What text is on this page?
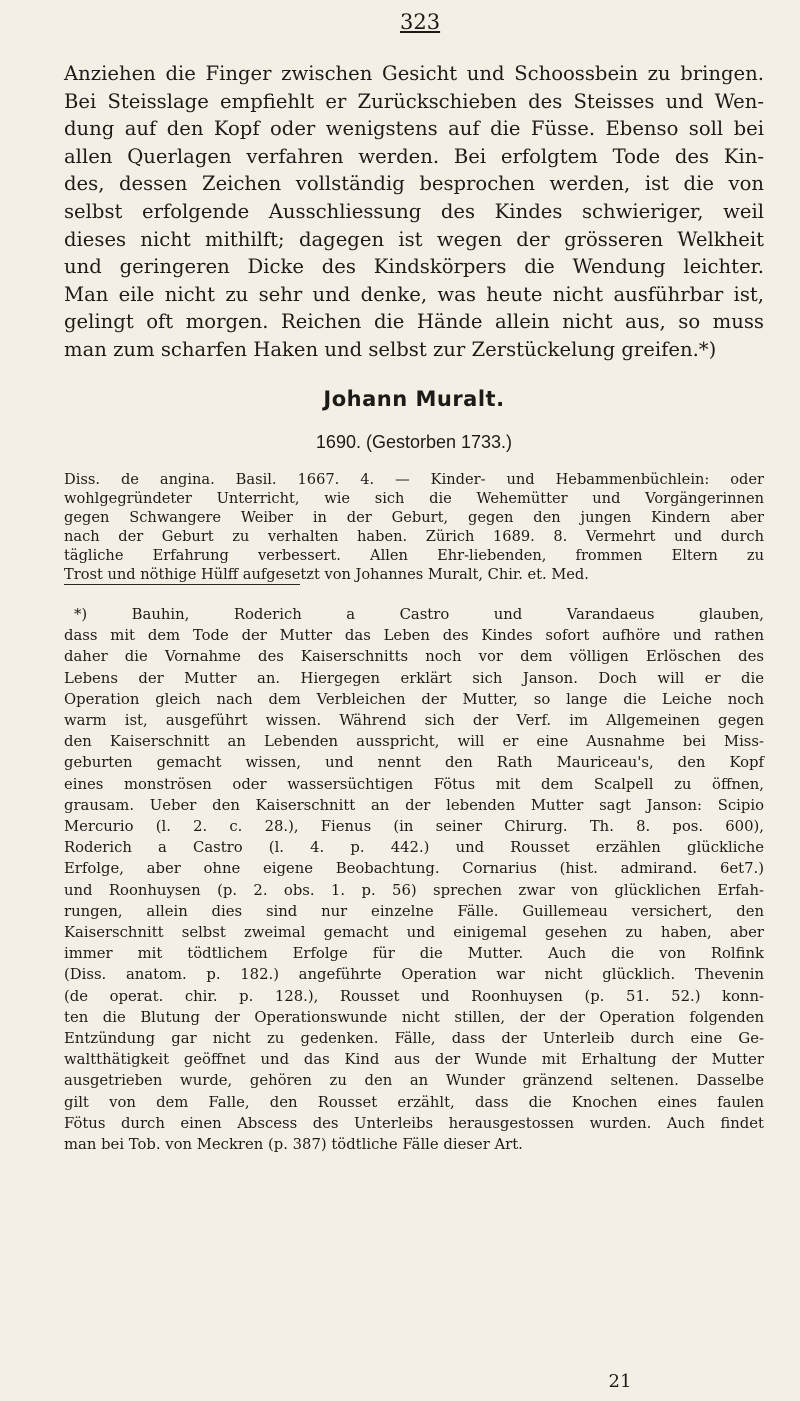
323
Anziehen die Finger zwischen Gesicht und Schoossbein zu bringen.
Bei Steisslage empfiehlt er Zurückschieben des Steisses und Wen-
dung auf den Kopf oder wenigstens auf die Füsse. Ebenso soll bei
allen Querlagen verfahren werden. Bei erfolgtem Tode des Kin-
des, dessen Zeichen vollständig besprochen werden, ist die von
selbst erfolgende Ausschliessung des Kindes schwieriger, weil
dieses nicht mithilft; dagegen ist wegen der grösseren Welkheit
und geringeren Dicke des Kindskörpers die Wendung leichter.
Man eile nicht zu sehr und denke, was heute nicht ausführbar ist,
gelingt oft morgen. Reichen die Hände allein nicht aus, so muss
man zum scharfen Haken und selbst zur Zerstückelung greifen.*)
Johann Muralt.
1690. (Gestorben 1733.)
Diss. de angina. Basil. 1667. 4. — Kinder- und Hebammenbüchlein: oder
wohlgegründeter Unterricht, wie sich die Wehemütter und Vorgängerinnen
gegen Schwangere Weiber in der Geburt, gegen den jungen Kindern aber
nach der Geburt zu verhalten haben. Zürich 1689. 8. Vermehrt und durch
tägliche Erfahrung verbessert. Allen Ehr-liebenden, frommen Eltern zu
Trost und nöthige Hülff aufgesetzt von Johannes Muralt, Chir. et. Med.
*) Bauhin, Roderich a Castro und Varandaeus glauben,
dass mit dem Tode der Mutter das Leben des Kindes sofort aufhöre und rathen
daher die Vornahme des Kaiserschnitts noch vor dem völligen Erlöschen des
Lebens der Mutter an. Hiergegen erklärt sich Janson. Doch will er die
Operation gleich nach dem Verbleichen der Mutter, so lange die Leiche noch
warm ist, ausgeführt wissen. Während sich der Verf. im Allgemeinen gegen
den Kaiserschnitt an Lebenden ausspricht, will er eine Ausnahme bei Miss-
geburten gemacht wissen, und nennt den Rath Mauriceau's, den Kopf
eines monströsen oder wassersüchtigen Fötus mit dem Scalpell zu öffnen,
grausam. Ueber den Kaiserschnitt an der lebenden Mutter sagt Janson: Scipio
Mercurio (l. 2. c. 28.), Fienus (in seiner Chirurg. Th. 8. pos. 600),
Roderich a Castro (l. 4. p. 442.) und Rousset erzählen glückliche
Erfolge, aber ohne eigene Beobachtung. Cornarius (hist. admirand. 6et7.)
und Roonhuysen (p. 2. obs. 1. p. 56) sprechen zwar von glücklichen Erfah-
rungen, allein dies sind nur einzelne Fälle. Guillemeau versichert, den
Kaiserschnitt selbst zweimal gemacht und einigemal gesehen zu haben, aber
immer mit tödtlichem Erfolge für die Mutter. Auch die von Rolfink
(Diss. anatom. p. 182.) angeführte Operation war nicht glücklich. Thevenin
(de operat. chir. p. 128.), Rousset und Roonhuysen (p. 51. 52.) konn-
ten die Blutung der Operationswunde nicht stillen, der der Operation folgenden
Entzündung gar nicht zu gedenken. Fälle, dass der Unterleib durch eine Ge-
waltthätigkeit geöffnet und das Kind aus der Wunde mit Erhaltung der Mutter
ausgetrieben wurde, gehören zu den an Wunder gränzend seltenen. Dasselbe
gilt von dem Falle, den Rousset erzählt, dass die Knochen eines faulen
Fötus durch einen Abscess des Unterleibs herausgestossen wurden. Auch findet
man bei Tob. von Meckren (p. 387) tödtliche Fälle dieser Art.
21
